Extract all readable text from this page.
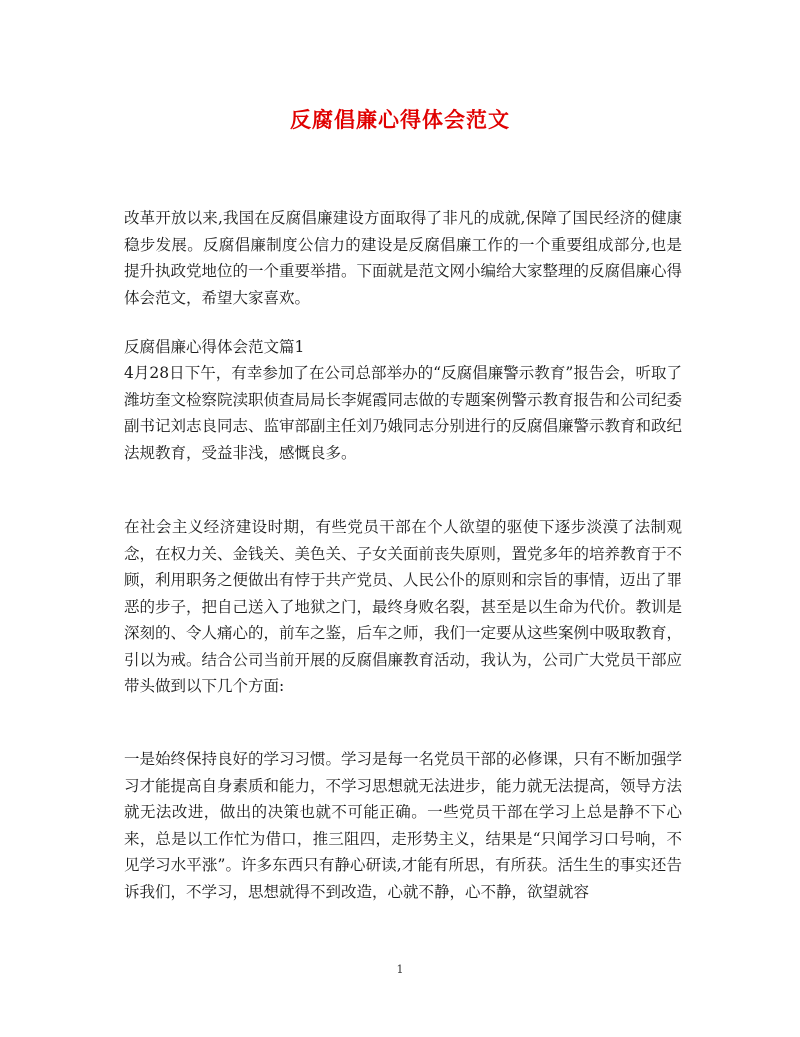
反腐倡廉心得体会范文

改革开放以来,我国在反腐倡廉建设方面取得了非凡的成就,保障了国民经济的健康稳步发展。反腐倡廉制度公信力的建设是反腐倡廉工作的一个重要组成部分,也是提升执政党地位的一个重要举措。下面就是范文网小编给大家整理的反腐倡廉心得体会范文，希望大家喜欢。

反腐倡廉心得体会范文篇1

4月28日下午，有幸参加了在公司总部举办的“反腐倡廉警示教育”报告会，听取了潍坊奎文检察院渎职侦查局局长李娓霞同志做的专题案例警示教育报告和公司纪委副书记刘志良同志、监审部副主任刘乃娥同志分别进行的反腐倡廉警示教育和政纪法规教育，受益非浅，感慨良多。

在社会主义经济建设时期，有些党员干部在个人欲望的驱使下逐步淡漠了法制观念，在权力关、金钱关、美色关、子女关面前丧失原则，置党多年的培养教育于不顾，利用职务之便做出有悖于共产党员、人民公仆的原则和宗旨的事情，迈出了罪恶的步子，把自己送入了地狱之门，最终身败名裂，甚至是以生命为代价。教训是深刻的、令人痛心的，前车之鉴，后车之师，我们一定要从这些案例中吸取教育，引以为戒。结合公司当前开展的反腐倡廉教育活动，我认为，公司广大党员干部应带头做到以下几个方面:

一是始终保持良好的学习习惯。学习是每一名党员干部的必修课，只有不断加强学习才能提高自身素质和能力，不学习思想就无法进步，能力就无法提高，领导方法就无法改进，做出的决策也就不可能正确。一些党员干部在学习上总是静不下心来，总是以工作忙为借口，推三阻四，走形势主义，结果是“只闻学习口号响，不见学习水平涨”。许多东西只有静心研读,才能有所思，有所获。活生生的事实还告诉我们，不学习，思想就得不到改造，心就不静，心不静，欲望就容

1
